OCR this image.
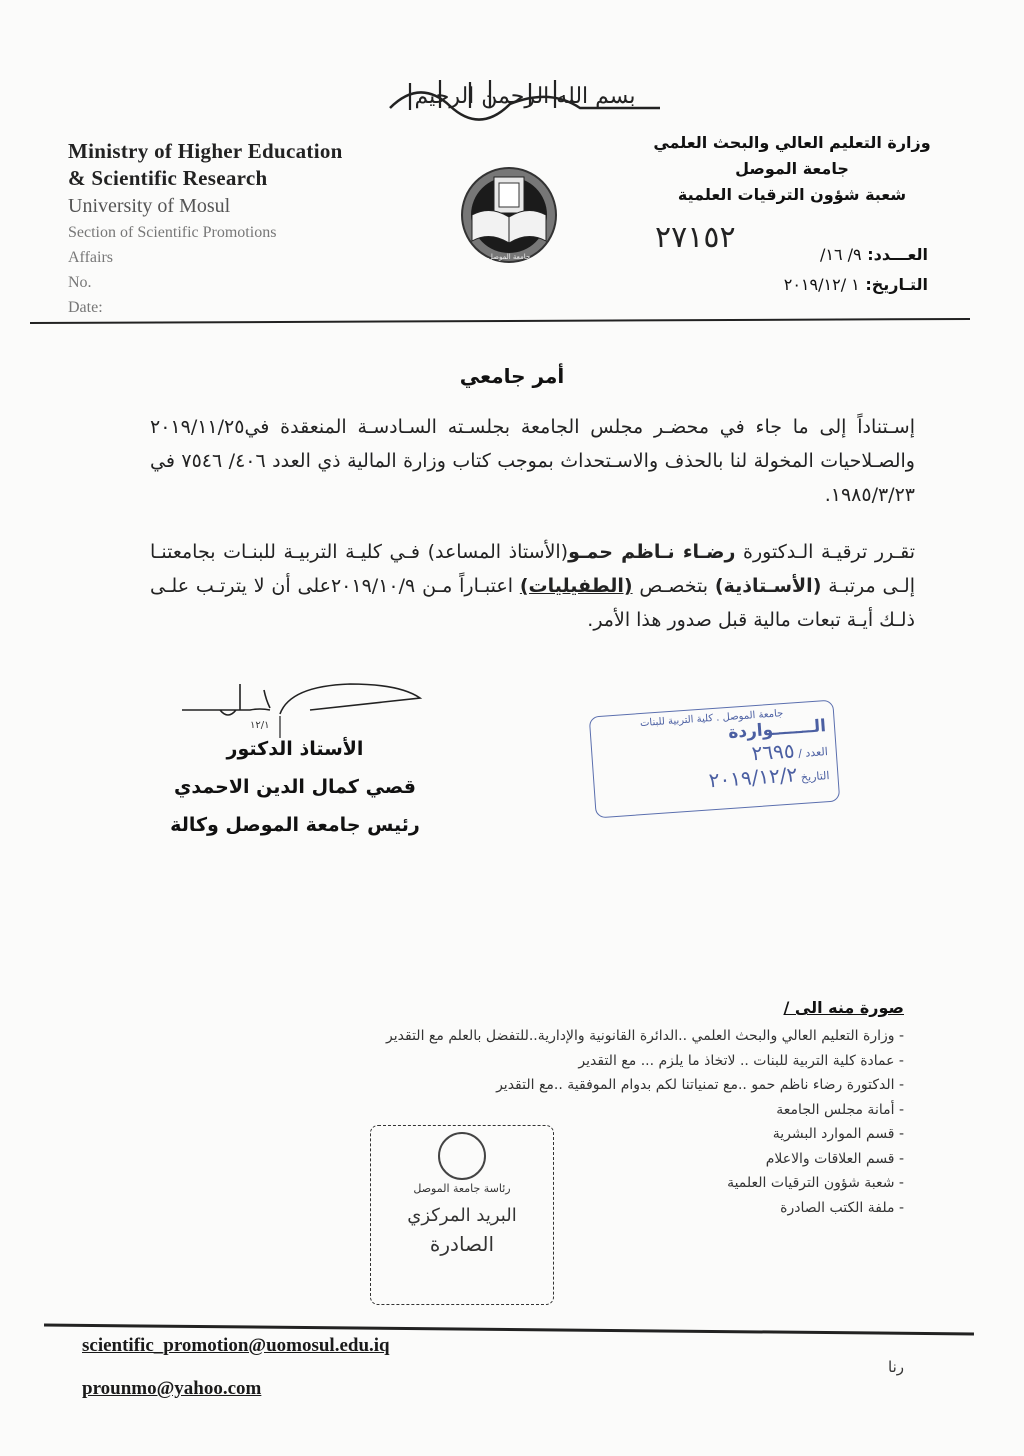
بسم الله الرحمن الرحيم
Ministry of Higher Education
& Scientific Research
University of Mosul
Section of Scientific Promotions
Affairs
No.
Date:
جامعة الموصل
وزارة التعليم العالي والبحث العلمي
جامعة الموصل
شعبة شؤون الترقيات العلمية
٢٧١٥٢	العـــدد: ٩/ ١٦/
التـاريخ: ١ /٢٠١٩/١٢
أمر جامعي
إسـتناداً إلى ما جاء في محضـر مجلس الجامعة بجلسـته السـادسـة المنعقدة في٢٠١٩/١١/٢٥ والصـلاحيات المخولة لنا بالحذف والاسـتحداث بموجب كتاب وزارة المالية ذي العدد ٤٠٦/ ٧٥٤٦ في ١٩٨٥/٣/٢٣.
تقـرر ترقيـة الـدكتورة رضـاء نـاظم حمـو(الأستاذ المساعد) فـي كليـة التربيـة للبنـات بجامعتنـا إلـى مرتبـة (الأسـتاذية) بتخصـص (الطفيليات) اعتبـاراً مـن ٢٠١٩/١٠/٩على أن لا يترتـب علـى ذلـك أيـة تبعات مالية قبل صدور هذا الأمر.
١٢/١
الأستاذ الدكتور
قصي كمال الدين الاحمدي
رئيس جامعة الموصل وكالة
جامعة الموصل . كلية التربية للبنات
الـــــــواردة
العدد / ٢٦٩٥
التاريخ ٢٠١٩/١٢/٢
صورة منه الى /
- وزارة التعليم العالي والبحث العلمي ..الدائرة القانونية والإدارية..للتفضل بالعلم مع التقدير
- عمادة كلية التربية للبنات .. لاتخاذ ما يلزم ... مع التقدير
- الدكتورة رضاء ناظم حمو ..مع تمنياتنا لكم بدوام الموفقية ..مع التقدير
- أمانة مجلس الجامعة
- قسم الموارد البشرية
- قسم العلاقات والاعلام
- شعبة شؤون الترقيات العلمية
- ملفة الكتب الصادرة
رئاسة جامعة الموصل
البريد المركزي
الصادرة
رنا
scientific_promotion@uomosul.edu.iq
prounmo@yahoo.com
